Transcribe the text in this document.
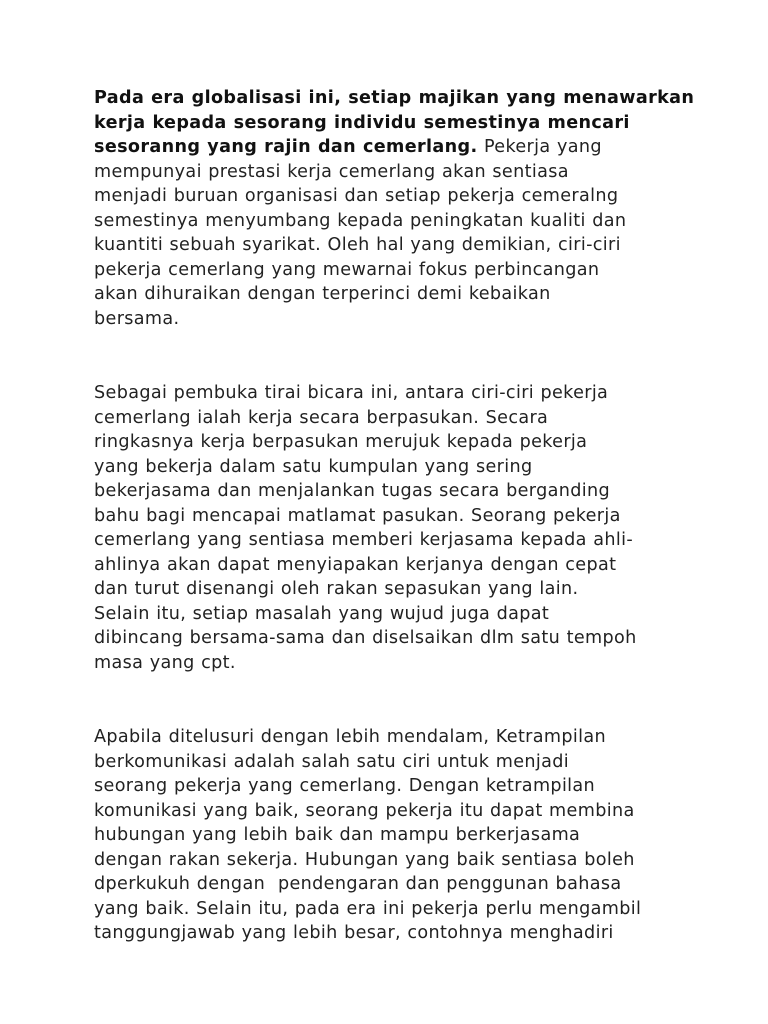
Pada era globalisasi ini, setiap majikan yang menawarkan
kerja kepada sesorang individu semestinya mencari
sesoranng yang rajin dan cemerlang. Pekerja yang
mempunyai prestasi kerja cemerlang akan sentiasa
menjadi buruan organisasi dan setiap pekerja cemeralng
semestinya menyumbang kepada peningkatan kualiti dan
kuantiti sebuah syarikat. Oleh hal yang demikian, ciri-ciri
pekerja cemerlang yang mewarnai fokus perbincangan
akan dihuraikan dengan terperinci demi kebaikan
bersama.
Sebagai pembuka tirai bicara ini, antara ciri-ciri pekerja
cemerlang ialah kerja secara berpasukan. Secara
ringkasnya kerja berpasukan merujuk kepada pekerja
yang bekerja dalam satu kumpulan yang sering
bekerjasama dan menjalankan tugas secara berganding
bahu bagi mencapai matlamat pasukan. Seorang pekerja
cemerlang yang sentiasa memberi kerjasama kepada ahli-
ahlinya akan dapat menyiapakan kerjanya dengan cepat
dan turut disenangi oleh rakan sepasukan yang lain.
Selain itu, setiap masalah yang wujud juga dapat
dibincang bersama-sama dan diselsaikan dlm satu tempoh
masa yang cpt.
Apabila ditelusuri dengan lebih mendalam, Ketrampilan
berkomunikasi adalah salah satu ciri untuk menjadi
seorang pekerja yang cemerlang. Dengan ketrampilan
komunikasi yang baik, seorang pekerja itu dapat membina
hubungan yang lebih baik dan mampu berkerjasama
dengan rakan sekerja. Hubungan yang baik sentiasa boleh
dperkukuh dengan  pendengaran dan penggunan bahasa
yang baik. Selain itu, pada era ini pekerja perlu mengambil
tanggungjawab yang lebih besar, contohnya menghadiri
